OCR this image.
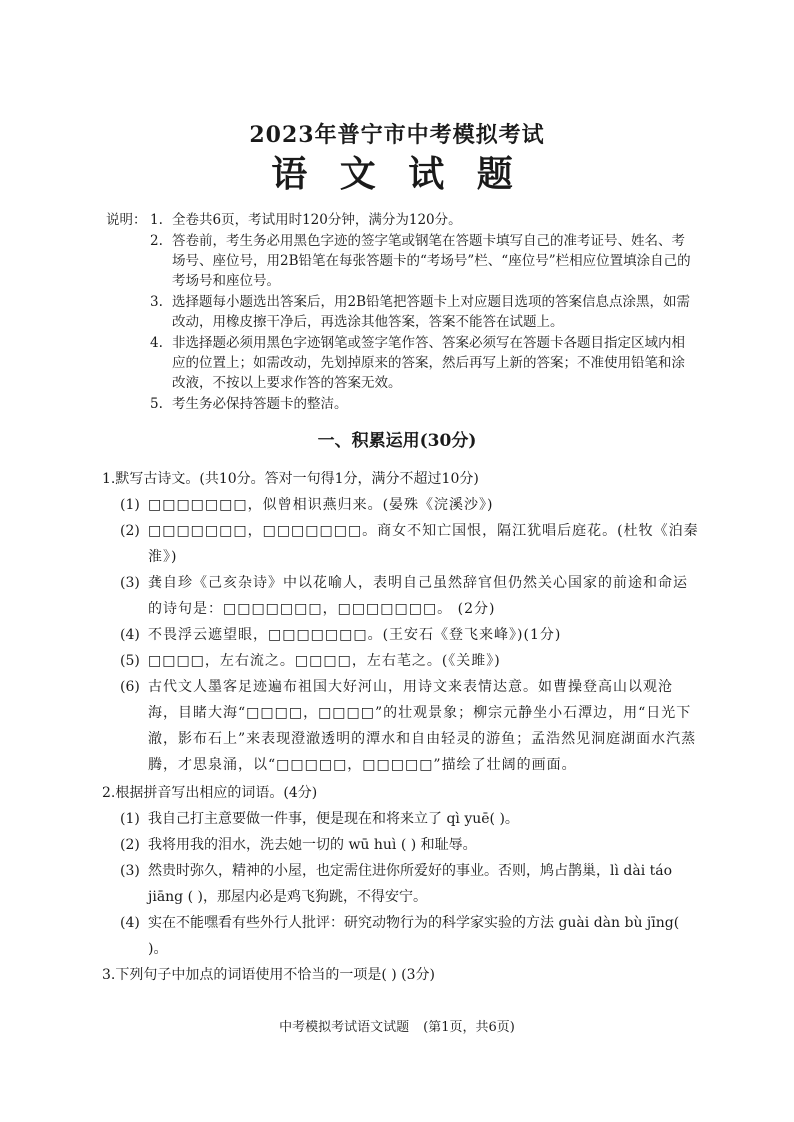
2023年普宁市中考模拟考试
语 文 试 题
说明： 1. 全卷共6页，考试用时120分钟，满分为120分。
2. 答卷前，考生务必用黑色字迹的签字笔或钢笔在答题卡填写自己的准考证号、姓名、考场号、座位号，用2B铅笔在每张答题卡的“考场号”栏、“座位号”栏相应位置填涂自己的考场号和座位号。
3. 选择题每小题选出答案后，用2B铅笔把答题卡上对应题目选项的答案信息点涂黑，如需改动，用橡皮擦干净后，再选涂其他答案，答案不能答在试题上。
4. 非选择题必须用黑色字迹钢笔或签字笔作答、答案必须写在答题卡各题目指定区域内相应的位置上；如需改动，先划掉原来的答案，然后再写上新的答案；不准使用铅笔和涂改液，不按以上要求作答的答案无效。
5. 考生务必保持答题卡的整洁。
一、积累运用(30分)
1.默写古诗文。(共10分。答对一句得1分，满分不超过10分)
(1) □□□□□□□，似曾相识燕归来。(晏殊《浣溪沙》)
(2) □□□□□□□，□□□□□□□。商女不知亡国恨，隔江犹唱后庭花。(杜牧《泊秦淮》)
(3) 龚自珍《己亥杂诗》中以花喻人，表明自己虽然辞官但仍然关心国家的前途和命运的诗句是：□□□□□□□，□□□□□□□。 (2分)
(4) 不畏浮云遮望眼，□□□□□□□。(王安石《登飞来峰》)(1分)
(5) □□□□，左右流之。□□□□，左右芼之。(《关雎》)
(6) 古代文人墨客足迹遍布祖国大好河山，用诗文来表情达意。如曹操登高山以观沧海，目睹大海“□□□□，□□□□”的壮观景象；柳宗元静坐小石潭边，用“日光下澈，影布石上”来表现澄澈透明的潭水和自由轻灵的游鱼；孟浩然见洞庭湖面水汽蒸腾，才思泉涌，以“□□□□□，□□□□□”描绘了壮阔的画面。
2.根据拼音写出相应的词语。(4分)
(1) 我自己打主意要做一件事，便是现在和将来立了 qì yuē( )。
(2) 我将用我的泪水，洗去她一切的 wū huì ( ) 和耻辱。
(3) 然贵时弥久，精神的小屋，也定需住进你所爱好的事业。否则，鸠占鹊巢，lì dài táo jiāng ( )，那屋内必是鸡飞狗跳，不得安宁。
(4) 实在不能嘿看有些外行人批评：研究动物行为的科学家实验的方法 guài dàn bù jīng( )。
3.下列句子中加点的词语使用不恰当的一项是( ) (3分)
中考模拟考试语文试题 (第1页，共6页)
